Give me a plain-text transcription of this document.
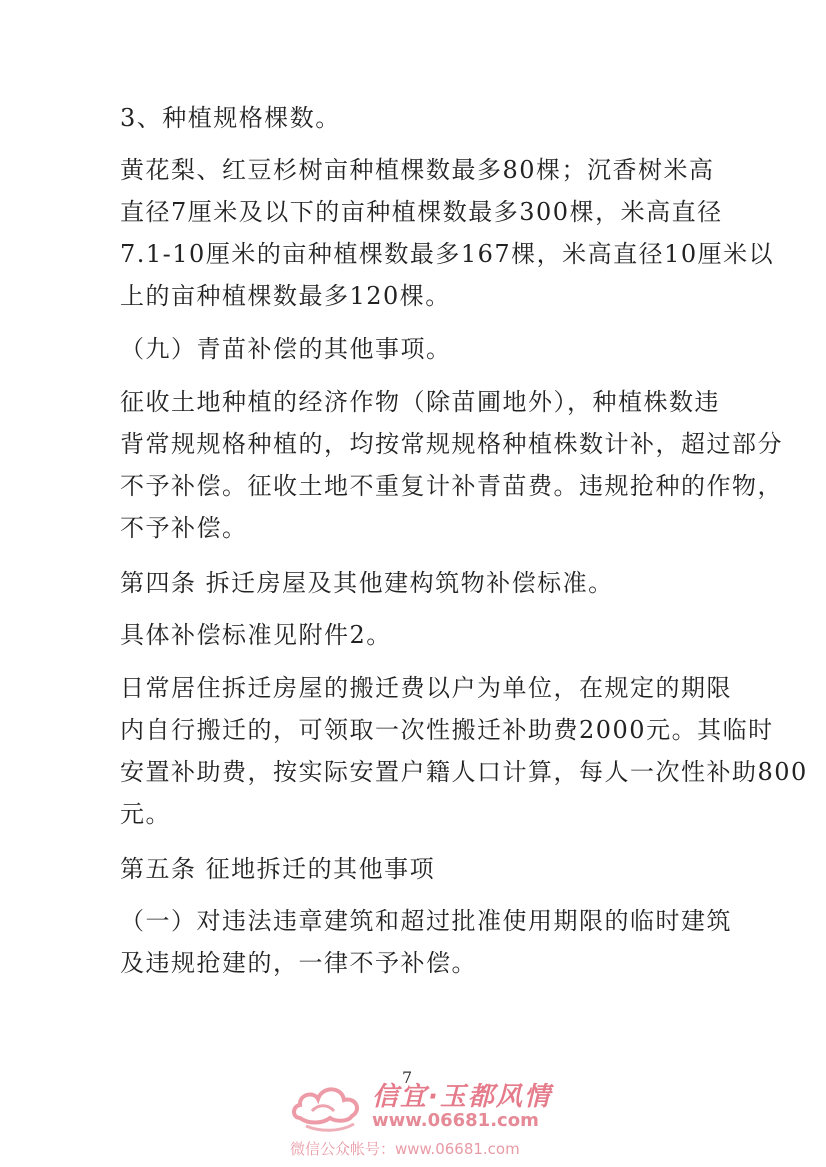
3、种植规格棵数。
黄花梨、红豆杉树亩种植棵数最多80棵；沉香树米高
直径7厘米及以下的亩种植棵数最多300棵，米高直径
7.1-10厘米的亩种植棵数最多167棵，米高直径10厘米以
上的亩种植棵数最多120棵。
（九）青苗补偿的其他事项。
征收土地种植的经济作物（除苗圃地外），种植株数违
背常规规格种植的，均按常规规格种植株数计补，超过部分
不予补偿。征收土地不重复计补青苗费。违规抢种的作物，
不予补偿。
第四条 拆迁房屋及其他建构筑物补偿标准。
具体补偿标准见附件2。
日常居住拆迁房屋的搬迁费以户为单位，在规定的期限
内自行搬迁的，可领取一次性搬迁补助费2000元。其临时
安置补助费，按实际安置户籍人口计算，每人一次性补助800
元。
第五条 征地拆迁的其他事项
（一）对违法违章建筑和超过批准使用期限的临时建筑
及违规抢建的，一律不予补偿。
7
信宜·玉都风情
www.06681.com
微信公众帐号：www.06681.com
